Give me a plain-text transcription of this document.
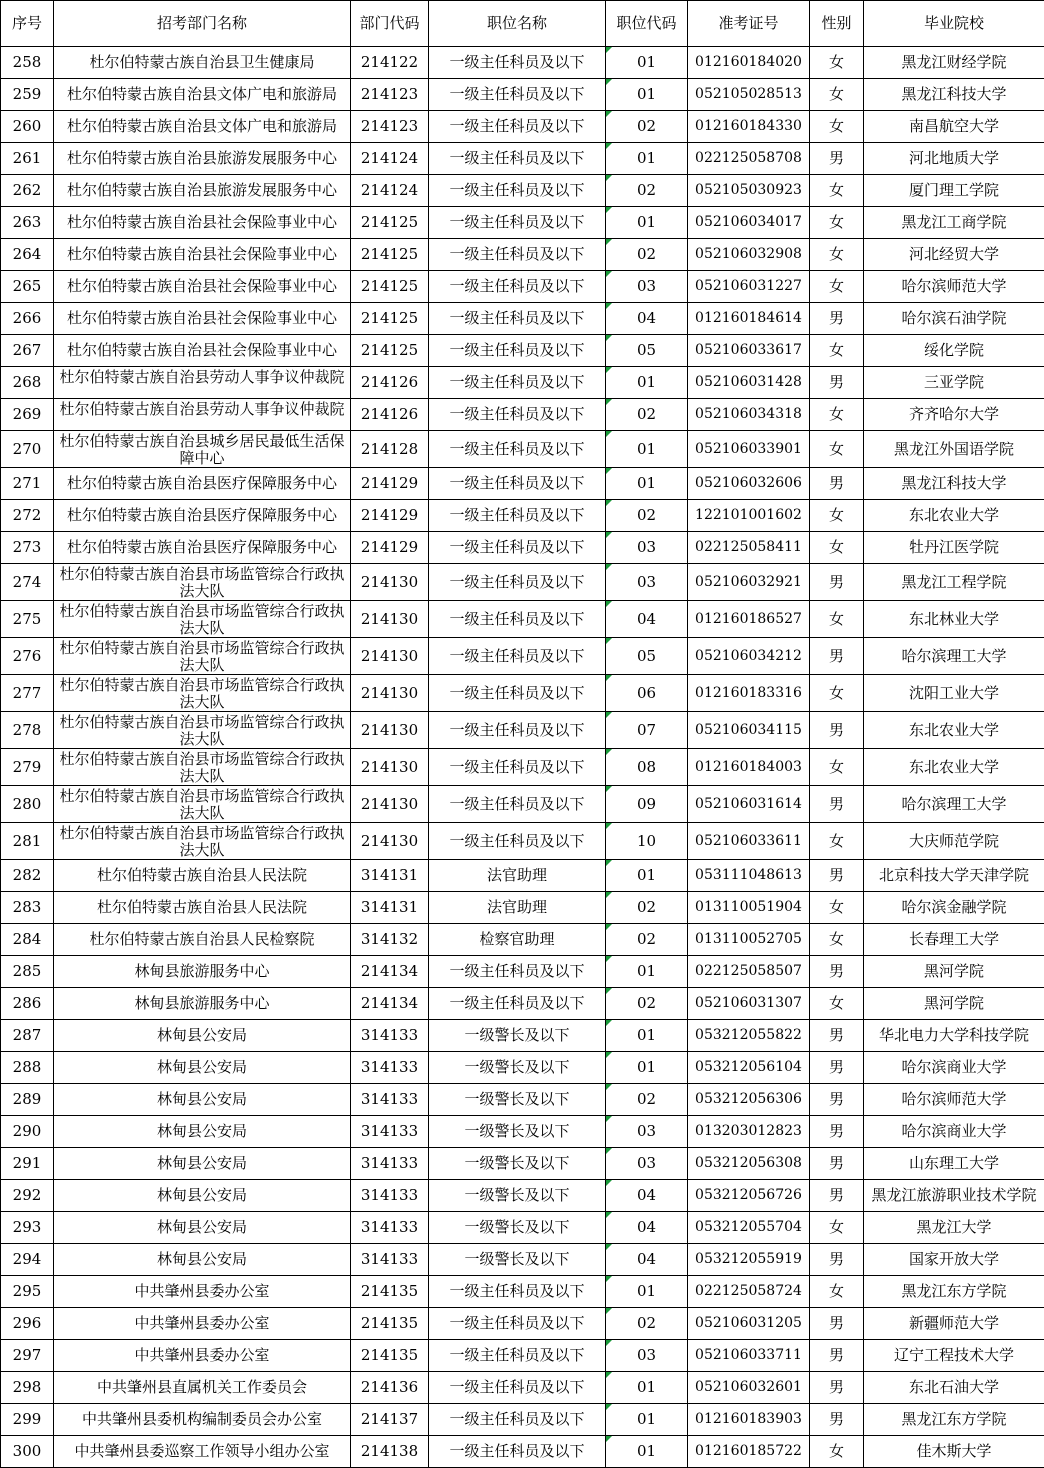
序号	招考部门名称	部门代码	职位名称	职位代码	准考证号	性别	毕业院校
258	杜尔伯特蒙古族自治县卫生健康局	214122	一级主任科员及以下	01	012160184020	女	黑龙江财经学院
259	杜尔伯特蒙古族自治县文体广电和旅游局	214123	一级主任科员及以下	01	052105028513	女	黑龙江科技大学
260	杜尔伯特蒙古族自治县文体广电和旅游局	214123	一级主任科员及以下	02	012160184330	女	南昌航空大学
261	杜尔伯特蒙古族自治县旅游发展服务中心	214124	一级主任科员及以下	01	022125058708	男	河北地质大学
262	杜尔伯特蒙古族自治县旅游发展服务中心	214124	一级主任科员及以下	02	052105030923	女	厦门理工学院
263	杜尔伯特蒙古族自治县社会保险事业中心	214125	一级主任科员及以下	01	052106034017	女	黑龙江工商学院
264	杜尔伯特蒙古族自治县社会保险事业中心	214125	一级主任科员及以下	02	052106032908	女	河北经贸大学
265	杜尔伯特蒙古族自治县社会保险事业中心	214125	一级主任科员及以下	03	052106031227	女	哈尔滨师范大学
266	杜尔伯特蒙古族自治县社会保险事业中心	214125	一级主任科员及以下	04	012160184614	男	哈尔滨石油学院
267	杜尔伯特蒙古族自治县社会保险事业中心	214125	一级主任科员及以下	05	052106033617	女	绥化学院
268	杜尔伯特蒙古族自治县劳动人事争议仲裁院	214126	一级主任科员及以下	01	052106031428	男	三亚学院
269	杜尔伯特蒙古族自治县劳动人事争议仲裁院	214126	一级主任科员及以下	02	052106034318	女	齐齐哈尔大学
270	杜尔伯特蒙古族自治县城乡居民最低生活保障中心	214128	一级主任科员及以下	01	052106033901	女	黑龙江外国语学院
271	杜尔伯特蒙古族自治县医疗保障服务中心	214129	一级主任科员及以下	01	052106032606	男	黑龙江科技大学
272	杜尔伯特蒙古族自治县医疗保障服务中心	214129	一级主任科员及以下	02	122101001602	女	东北农业大学
273	杜尔伯特蒙古族自治县医疗保障服务中心	214129	一级主任科员及以下	03	022125058411	女	牡丹江医学院
274	杜尔伯特蒙古族自治县市场监管综合行政执法大队	214130	一级主任科员及以下	03	052106032921	男	黑龙江工程学院
275	杜尔伯特蒙古族自治县市场监管综合行政执法大队	214130	一级主任科员及以下	04	012160186527	女	东北林业大学
276	杜尔伯特蒙古族自治县市场监管综合行政执法大队	214130	一级主任科员及以下	05	052106034212	男	哈尔滨理工大学
277	杜尔伯特蒙古族自治县市场监管综合行政执法大队	214130	一级主任科员及以下	06	012160183316	女	沈阳工业大学
278	杜尔伯特蒙古族自治县市场监管综合行政执法大队	214130	一级主任科员及以下	07	052106034115	男	东北农业大学
279	杜尔伯特蒙古族自治县市场监管综合行政执法大队	214130	一级主任科员及以下	08	012160184003	女	东北农业大学
280	杜尔伯特蒙古族自治县市场监管综合行政执法大队	214130	一级主任科员及以下	09	052106031614	男	哈尔滨理工大学
281	杜尔伯特蒙古族自治县市场监管综合行政执法大队	214130	一级主任科员及以下	10	052106033611	女	大庆师范学院
282	杜尔伯特蒙古族自治县人民法院	314131	法官助理	01	053111048613	男	北京科技大学天津学院
283	杜尔伯特蒙古族自治县人民法院	314131	法官助理	02	013110051904	女	哈尔滨金融学院
284	杜尔伯特蒙古族自治县人民检察院	314132	检察官助理	02	013110052705	女	长春理工大学
285	林甸县旅游服务中心	214134	一级主任科员及以下	01	022125058507	男	黑河学院
286	林甸县旅游服务中心	214134	一级主任科员及以下	02	052106031307	女	黑河学院
287	林甸县公安局	314133	一级警长及以下	01	053212055822	男	华北电力大学科技学院
288	林甸县公安局	314133	一级警长及以下	01	053212056104	男	哈尔滨商业大学
289	林甸县公安局	314133	一级警长及以下	02	053212056306	男	哈尔滨师范大学
290	林甸县公安局	314133	一级警长及以下	03	013203012823	男	哈尔滨商业大学
291	林甸县公安局	314133	一级警长及以下	03	053212056308	男	山东理工大学
292	林甸县公安局	314133	一级警长及以下	04	053212056726	男	黑龙江旅游职业技术学院
293	林甸县公安局	314133	一级警长及以下	04	053212055704	女	黑龙江大学
294	林甸县公安局	314133	一级警长及以下	04	053212055919	男	国家开放大学
295	中共肇州县委办公室	214135	一级主任科员及以下	01	022125058724	女	黑龙江东方学院
296	中共肇州县委办公室	214135	一级主任科员及以下	02	052106031205	男	新疆师范大学
297	中共肇州县委办公室	214135	一级主任科员及以下	03	052106033711	男	辽宁工程技术大学
298	中共肇州县直属机关工作委员会	214136	一级主任科员及以下	01	052106032601	男	东北石油大学
299	中共肇州县委机构编制委员会办公室	214137	一级主任科员及以下	01	012160183903	男	黑龙江东方学院
300	中共肇州县委巡察工作领导小组办公室	214138	一级主任科员及以下	01	012160185722	女	佳木斯大学
